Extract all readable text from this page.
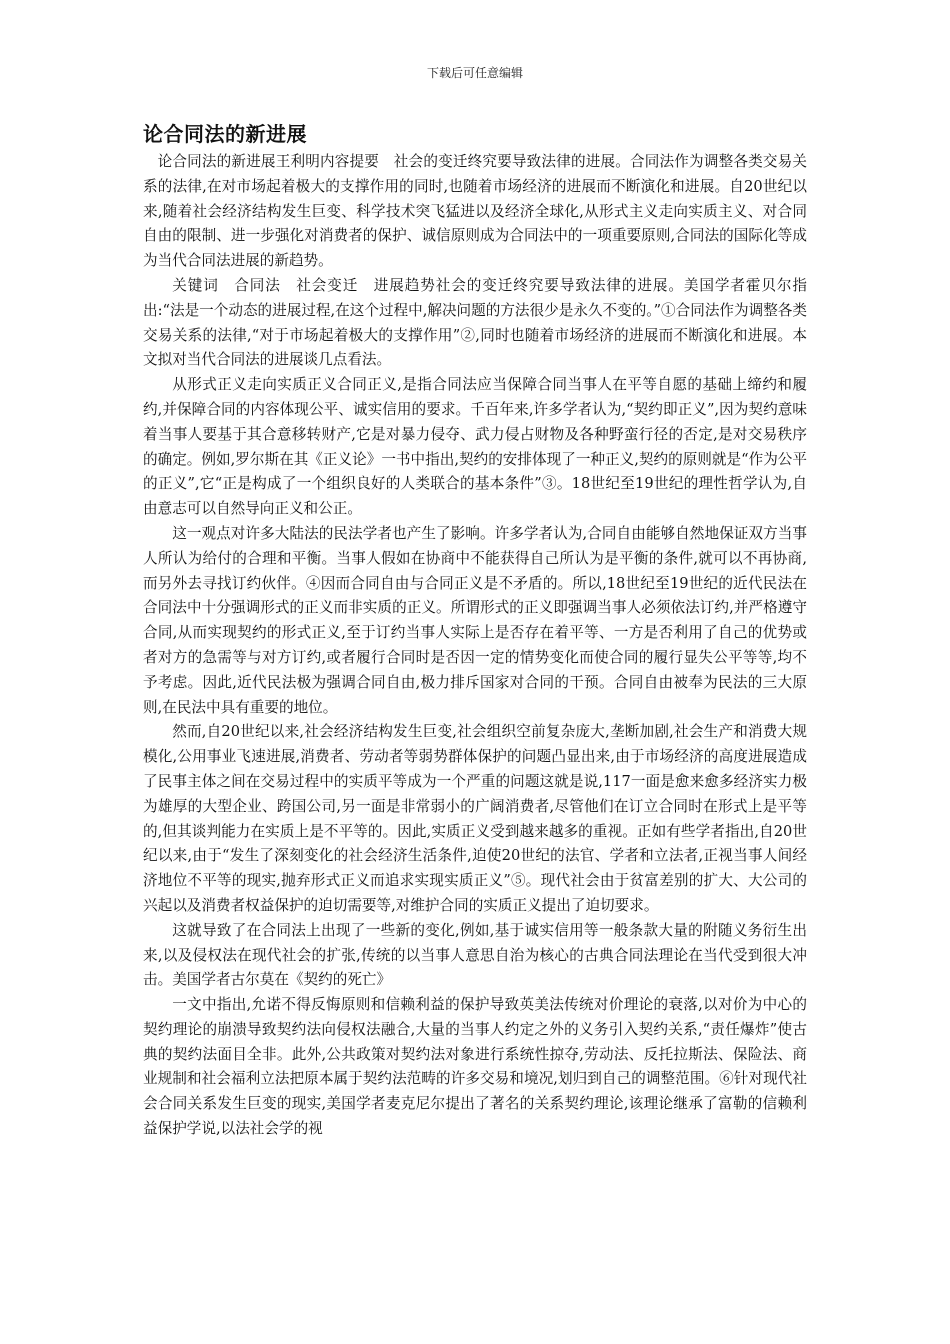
下载后可任意编辑
论合同法的新进展

论合同法的新进展王利明内容提要　社会的变迁终究要导致法律的进展。合同法作为调整各类交易关系的法律,在对市场起着极大的支撑作用的同时,也随着市场经济的进展而不断演化和进展。自20世纪以来,随着社会经济结构发生巨变、科学技术突飞猛进以及经济全球化,从形式主义走向实质主义、对合同自由的限制、进一步强化对消费者的保护、诚信原则成为合同法中的一项重要原则,合同法的国际化等成为当代合同法进展的新趋势。

关键词　合同法　社会变迁　进展趋势社会的变迁终究要导致法律的进展。美国学者霍贝尔指出:“法是一个动态的进展过程,在这个过程中,解决问题的方法很少是永久不变的。”①合同法作为调整各类交易关系的法律,“对于市场起着极大的支撑作用”②,同时也随着市场经济的进展而不断演化和进展。本文拟对当代合同法的进展谈几点看法。

从形式正义走向实质正义合同正义,是指合同法应当保障合同当事人在平等自愿的基础上缔约和履约,并保障合同的内容体现公平、诚实信用的要求。千百年来,许多学者认为,“契约即正义”,因为契约意味着当事人要基于其合意移转财产,它是对暴力侵夺、武力侵占财物及各种野蛮行径的否定,是对交易秩序的确定。例如,罗尔斯在其《正义论》一书中指出,契约的安排体现了一种正义,契约的原则就是“作为公平的正义”,它“正是构成了一个组织良好的人类联合的基本条件”③。18世纪至19世纪的理性哲学认为,自由意志可以自然导向正义和公正。

这一观点对许多大陆法的民法学者也产生了影响。许多学者认为,合同自由能够自然地保证双方当事人所认为给付的合理和平衡。当事人假如在协商中不能获得自己所认为是平衡的条件,就可以不再协商,而另外去寻找订约伙伴。④因而合同自由与合同正义是不矛盾的。所以,18世纪至19世纪的近代民法在合同法中十分强调形式的正义而非实质的正义。所谓形式的正义即强调当事人必须依法订约,并严格遵守合同,从而实现契约的形式正义,至于订约当事人实际上是否存在着平等、一方是否利用了自己的优势或者对方的急需等与对方订约,或者履行合同时是否因一定的情势变化而使合同的履行显失公平等等,均不予考虑。因此,近代民法极为强调合同自由,极力排斥国家对合同的干预。合同自由被奉为民法的三大原则,在民法中具有重要的地位。

然而,自20世纪以来,社会经济结构发生巨变,社会组织空前复杂庞大,垄断加剧,社会生产和消费大规模化,公用事业飞速进展,消费者、劳动者等弱势群体保护的问题凸显出来,由于市场经济的高度进展造成了民事主体之间在交易过程中的实质平等成为一个严重的问题这就是说,117一面是愈来愈多经济实力极为雄厚的大型企业、跨国公司,另一面是非常弱小的广阔消费者,尽管他们在订立合同时在形式上是平等的,但其谈判能力在实质上是不平等的。因此,实质正义受到越来越多的重视。正如有些学者指出,自20世纪以来,由于“发生了深刻变化的社会经济生活条件,迫使20世纪的法官、学者和立法者,正视当事人间经济地位不平等的现实,抛弃形式正义而追求实现实质正义”⑤。现代社会由于贫富差别的扩大、大公司的兴起以及消费者权益保护的迫切需要等,对维护合同的实质正义提出了迫切要求。

这就导致了在合同法上出现了一些新的变化,例如,基于诚实信用等一般条款大量的附随义务衍生出来,以及侵权法在现代社会的扩张,传统的以当事人意思自治为核心的古典合同法理论在当代受到很大冲击。美国学者古尔莫在《契约的死亡》

一文中指出,允诺不得反悔原则和信赖利益的保护导致英美法传统对价理论的衰落,以对价为中心的契约理论的崩溃导致契约法向侵权法融合,大量的当事人约定之外的义务引入契约关系,“责任爆炸”使古典的契约法面目全非。此外,公共政策对契约法对象进行系统性掠夺,劳动法、反托拉斯法、保险法、商业规制和社会福利立法把原本属于契约法范畴的许多交易和境况,划归到自己的调整范围。⑥针对现代社会合同关系发生巨变的现实,美国学者麦克尼尔提出了著名的关系契约理论,该理论继承了富勒的信赖利益保护学说,以法社会学的视
